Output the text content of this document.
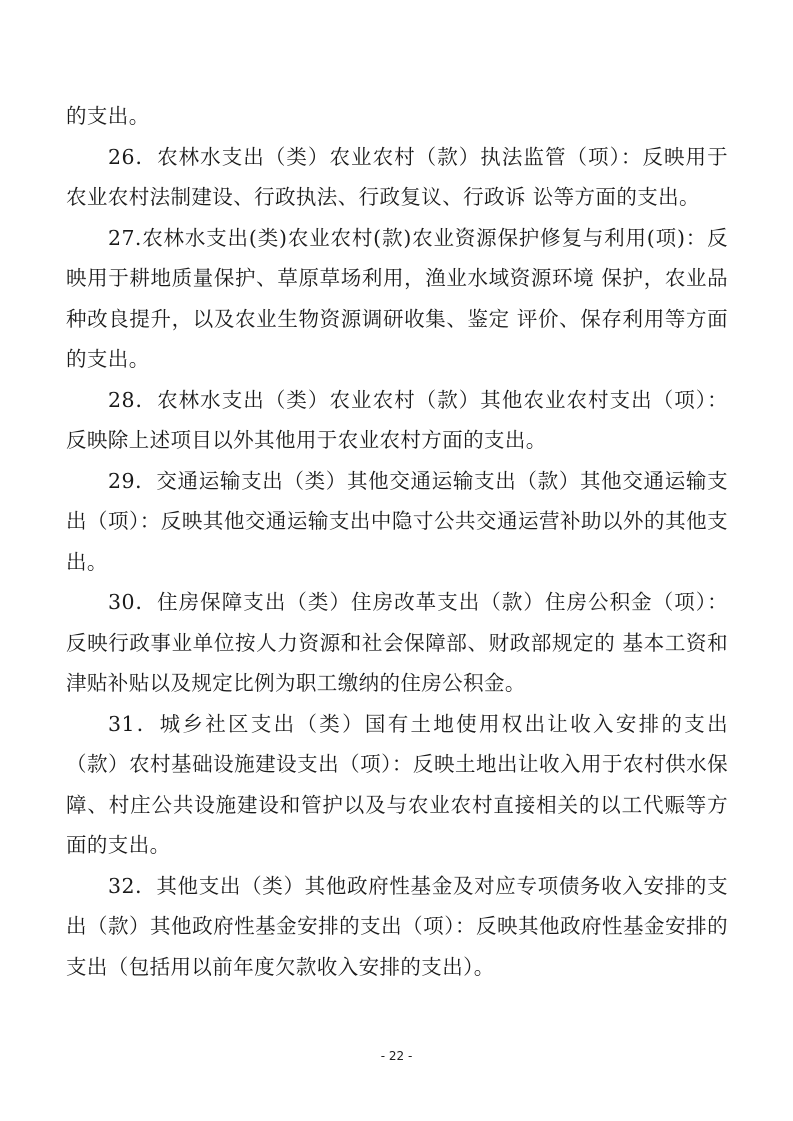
的支出。

26．农林水支出（类）农业农村（款）执法监管（项）：反映用于农业农村法制建设、行政执法、行政复议、行政诉 讼等方面的支出。

27.农林水支出(类)农业农村(款)农业资源保护修复与利用(项)：反映用于耕地质量保护、草原草场利用，渔业水域资源环境 保护，农业品种改良提升，以及农业生物资源调研收集、鉴定 评价、保存利用等方面的支出。

28．农林水支出（类）农业农村（款）其他农业农村支出（项）：反映除上述项目以外其他用于农业农村方面的支出。

29．交通运输支出（类）其他交通运输支出（款）其他交通运输支出（项）：反映其他交通运输支出中隐寸公共交通运营补助以外的其他支出。

30．住房保障支出（类）住房改革支出（款）住房公积金（项）：反映行政事业单位按人力资源和社会保障部、财政部规定的 基本工资和津贴补贴以及规定比例为职工缴纳的住房公积金。

31．城乡社区支出（类）国有土地使用权出让收入安排的支出（款）农村基础设施建设支出（项）：反映土地出让收入用于农村供水保障、村庄公共设施建设和管护以及与农业农村直接相关的以工代赈等方面的支出。

32．其他支出（类）其他政府性基金及对应专项债务收入安排的支出（款）其他政府性基金安排的支出（项）：反映其他政府性基金安排的支出（包括用以前年度欠款收入安排的支出）。

- 22 -
